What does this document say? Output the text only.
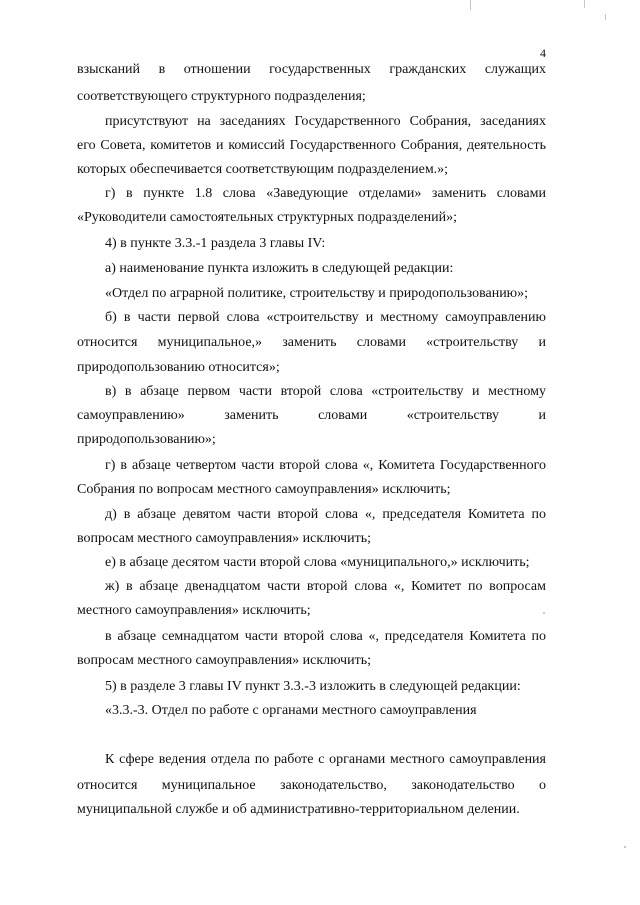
4
взысканий в отношении государственных гражданских служащих
соответствующего структурного подразделения;
присутствуют на заседаниях Государственного Собрания, заседаниях
его Совета, комитетов и комиссий Государственного Собрания, деятельность
которых обеспечивается соответствующим подразделением.»;
г) в пункте 1.8 слова «Заведующие отделами» заменить словами
«Руководители самостоятельных структурных подразделений»;
4) в пункте 3.3.-1 раздела 3 главы IV:
а) наименование пункта изложить в следующей редакции:
«Отдел по аграрной политике, строительству и природопользованию»;
б) в части первой слова «строительству и местному самоуправлению
относится муниципальное,» заменить словами «строительству и
природопользованию относится»;
в) в абзаце первом части второй слова «строительству и местному
самоуправлению» заменить словами «строительству и
природопользованию»;
г) в абзаце четвертом части второй слова «, Комитета Государственного
Собрания по вопросам местного самоуправления» исключить;
д) в абзаце девятом части второй слова «, председателя Комитета по
вопросам местного самоуправления» исключить;
е) в абзаце десятом части второй слова «муниципального,» исключить;
ж) в абзаце двенадцатом части второй слова «, Комитет по вопросам
местного самоуправления» исключить;
в абзаце семнадцатом части второй слова «, председателя Комитета по
вопросам местного самоуправления» исключить;
5) в разделе 3 главы IV пункт 3.3.-3 изложить в следующей редакции:
«3.3.-3. Отдел по работе с органами местного самоуправления
К сфере ведения отдела по работе с органами местного самоуправления
относится муниципальное законодательство, законодательство о
муниципальной службе и об административно-территориальном делении.
